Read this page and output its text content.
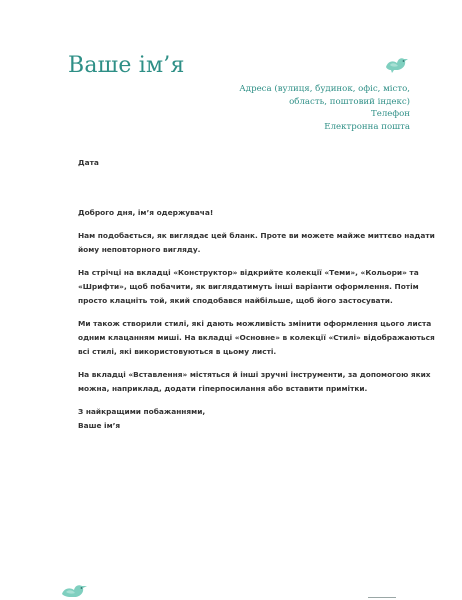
Ваше ім’я
Адреса (вулиця, будинок, офіс, місто,
область, поштовий індекс)
Телефон
Електронна пошта
Дата

Доброго дня, ім’я одержувача!

Нам подобається, як виглядає цей бланк. Проте ви можете майже миттєво надати
йому неповторного вигляду.

На стрічці на вкладці «Конструктор» відкрийте колекції «Теми», «Кольори» та
«Шрифти», щоб побачити, як виглядатимуть інші варіанти оформлення. Потім
просто клацніть той, який сподобався найбільше, щоб його застосувати.

Ми також створили стилі, які дають можливість змінити оформлення цього листа
одним клацанням миші. На вкладці «Основне» в колекції «Стилі» відображаються
всі стилі, які використовуються в цьому листі.

На вкладці «Вставлення» містяться й інші зручні інструменти, за допомогою яких
можна, наприклад, додати гіперпосилання або вставити примітки.

З найкращими побажаннями,
Ваше ім’я
